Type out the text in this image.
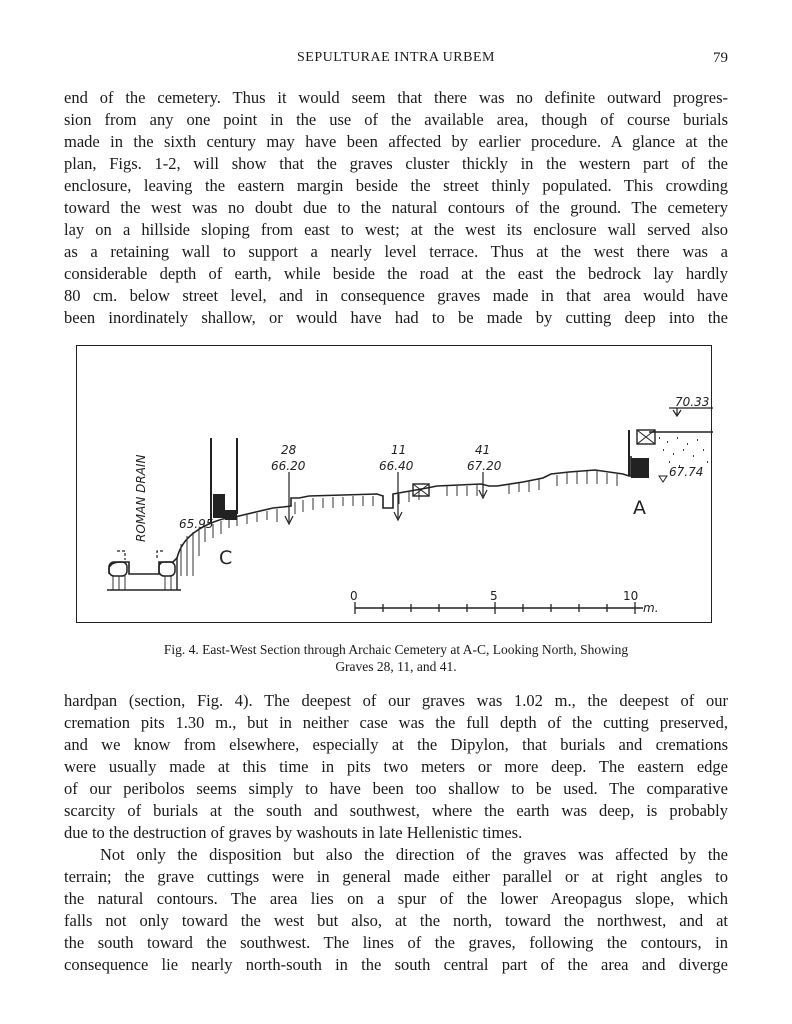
SEPULTURAE INTRA URBEM	79
end of the cemetery. Thus it would seem that there was no definite outward progres-
sion from any one point in the use of the available area, though of course burials
made in the sixth century may have been affected by earlier procedure. A glance at the
plan, Figs. 1-2, will show that the graves cluster thickly in the western part of the
enclosure, leaving the eastern margin beside the street thinly populated. This crowding
toward the west was no doubt due to the natural contours of the ground. The cemetery
lay on a hillside sloping from east to west; at the west its enclosure wall served also
as a retaining wall to support a nearly level terrace. Thus at the west there was a
considerable depth of earth, while beside the road at the east the bedrock lay hardly
80 cm. below street level, and in consequence graves made in that area would have
been inordinately shallow, or would have had to be made by cutting deep into the
ROMAN DRAIN	65.95
C
28
66.20
11
66.40
41
67.20
70.33
67.74
A
0	5	10
m.
Fig. 4. East-West Section through Archaic Cemetery at A-C, Looking North, Showing
Graves 28, 11, and 41.
hardpan (section, Fig. 4). The deepest of our graves was 1.02 m., the deepest of our
cremation pits 1.30 m., but in neither case was the full depth of the cutting preserved,
and we know from elsewhere, especially at the Dipylon, that burials and cremations
were usually made at this time in pits two meters or more deep. The eastern edge
of our peribolos seems simply to have been too shallow to be used. The comparative
scarcity of burials at the south and southwest, where the earth was deep, is probably
due to the destruction of graves by washouts in late Hellenistic times.
Not only the disposition but also the direction of the graves was affected by the
terrain; the grave cuttings were in general made either parallel or at right angles to
the natural contours. The area lies on a spur of the lower Areopagus slope, which
falls not only toward the west but also, at the north, toward the northwest, and at
the south toward the southwest. The lines of the graves, following the contours, in
consequence lie nearly north-south in the south central part of the area and diverge
